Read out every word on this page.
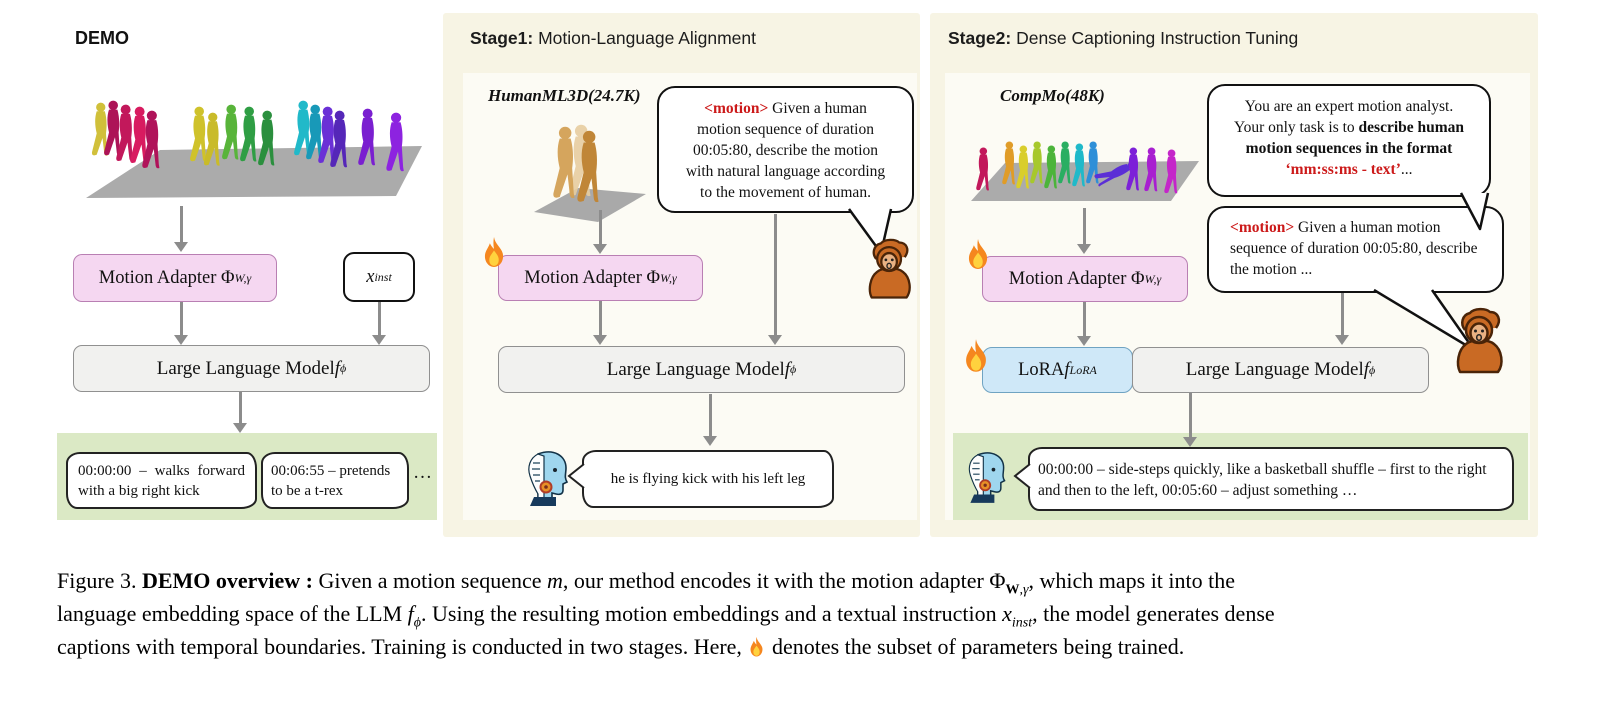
DEMO
Motion Adapter Φ W,γ	x inst
Large Language Model f ϕ
00:00:00 – walks forward with a big right kick
00:06:55 – pretends to be a t-rex
…
Stage1: Motion-Language Alignment
HumanML3D(24.7K)
<motion> Given a human motion sequence of duration 00:05:80, describe the motion with natural language according to the movement of human.
Motion Adapter Φ W,γ
Large Language Model f ϕ
he is flying kick with his left leg
Stage2: Dense Captioning Instruction Tuning
CompMo(48K)
You are an expert motion analyst. Your only task is to describe human motion sequences in the format ‘mm:ss:ms - text’...
<motion> Given a human motion sequence of duration 00:05:80, describe the motion ...
Motion Adapter Φ W,γ
LoRA f LoRA	Large Language Model f ϕ
00:00:00 – side-steps quickly, like a basketball shuffle – first to the right and then to the left, 00:05:60 – adjust something …
Figure 3. DEMO overview : Given a motion sequence m, our method encodes it with the motion adapter $\Phi_{W,\gamma}$, which maps it into the
language embedding space of the LLM $f_\phi$. Using the resulting motion embeddings and a textual instruction $x_{inst}$, the model generates dense
captions with temporal boundaries. Training is conducted in two stages. Here,  denotes the subset of parameters being trained.
